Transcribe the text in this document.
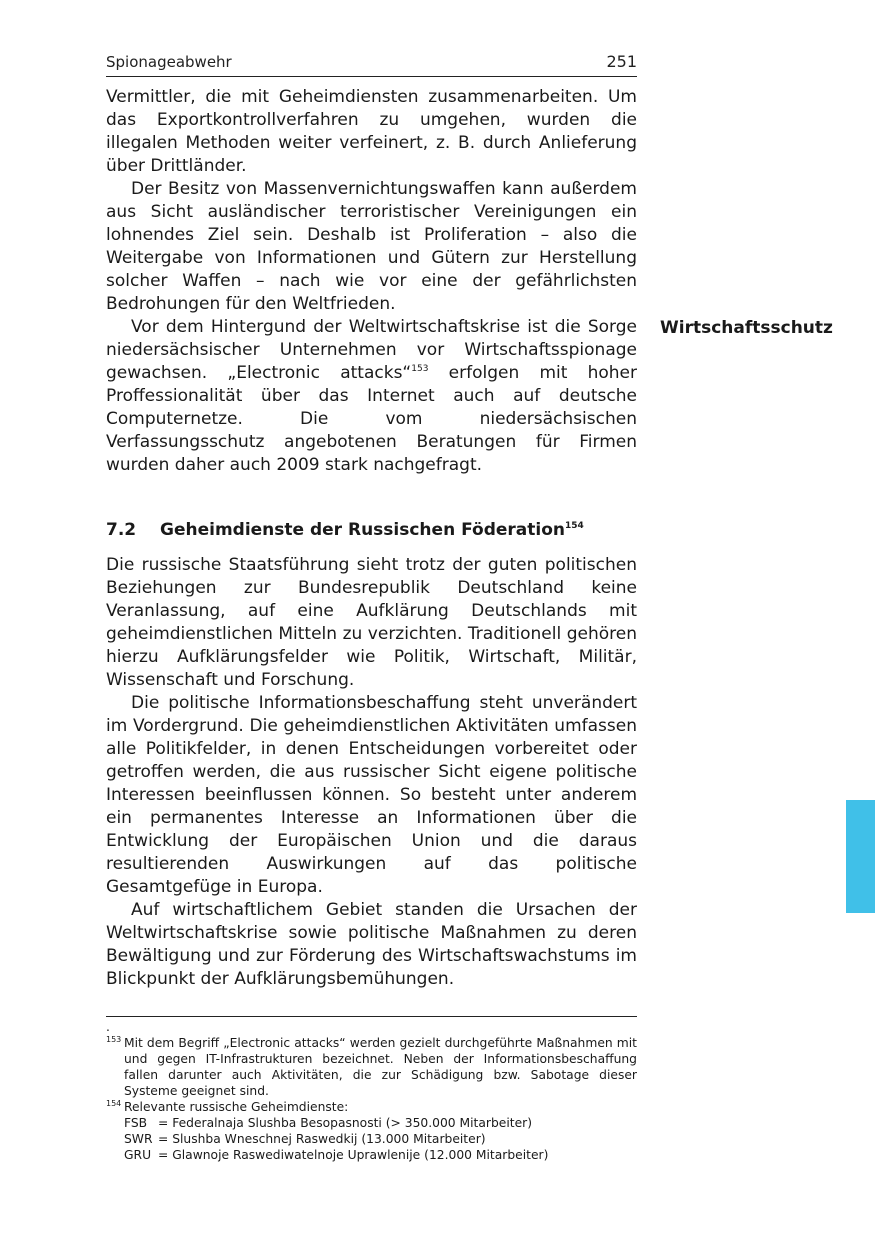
Spionageabwehr	251

Vermittler, die mit Geheimdiensten zusammenarbeiten. Um das Exportkontrollverfahren zu umgehen, wurden die illegalen Methoden weiter verfeinert, z. B. durch Anlieferung über Drittländer.

Der Besitz von Massenvernichtungswaffen kann außerdem aus Sicht ausländischer terroristischer Vereinigungen ein lohnendes Ziel sein. Deshalb ist Proliferation – also die Weitergabe von Informationen und Gütern zur Herstellung solcher Waffen – nach wie vor eine der gefährlichsten Bedrohungen für den Weltfrieden.

Vor dem Hintergund der Weltwirtschaftskrise ist die Sorge niedersächsischer Unternehmen vor Wirtschaftsspionage gewachsen. „Electronic attacks“$^{153}$ erfolgen mit hoher Proffessionalität über das Internet auch auf deutsche Computernetze. Die vom niedersächsischen Verfassungsschutz angebotenen Beratungen für Firmen wurden daher auch 2009 stark nachgefragt.

Wirtschaftsschutz
7.2 Geheimdienste der Russischen Föderation$^{154}$

Die russische Staatsführung sieht trotz der guten politischen Beziehungen zur Bundesrepublik Deutschland keine Veranlassung, auf eine Aufklärung Deutschlands mit geheimdienstlichen Mitteln zu verzichten. Traditionell gehören hierzu Aufklärungsfelder wie Politik, Wirtschaft, Militär, Wissenschaft und Forschung.

Die politische Informationsbeschaffung steht unverändert im Vordergrund. Die geheimdienstlichen Aktivitäten umfassen alle Politikfelder, in denen Entscheidungen vorbereitet oder getroffen werden, die aus russischer Sicht eigene politische Interessen beeinflussen können. So besteht unter anderem ein permanentes Interesse an Informationen über die Entwicklung der Europäischen Union und die daraus resultierenden Auswirkungen auf das politische Gesamtgefüge in Europa.

Auf wirtschaftlichem Gebiet standen die Ursachen der Weltwirtschaftskrise sowie politische Maßnahmen zu deren Bewältigung und zur Förderung des Wirtschaftswachstums im Blickpunkt der Aufklärungsbemühungen.

.
153 Mit dem Begriff „Electronic attacks“ werden gezielt durchgeführte Maßnahmen mit und gegen IT-Infrastrukturen bezeichnet. Neben der Informationsbeschaffung fallen darunter auch Aktivitäten, die zur Schädigung bzw. Sabotage dieser Systeme geeignet sind.
154 Relevante russische Geheimdienste:
FSB = Federalnaja Slushba Besopasnosti (> 350.000 Mitarbeiter)
SWR = Slushba Wneschnej Raswedkij (13.000 Mitarbeiter)
GRU = Glawnoje Raswediwatelnoje Uprawlenije (12.000 Mitarbeiter)
